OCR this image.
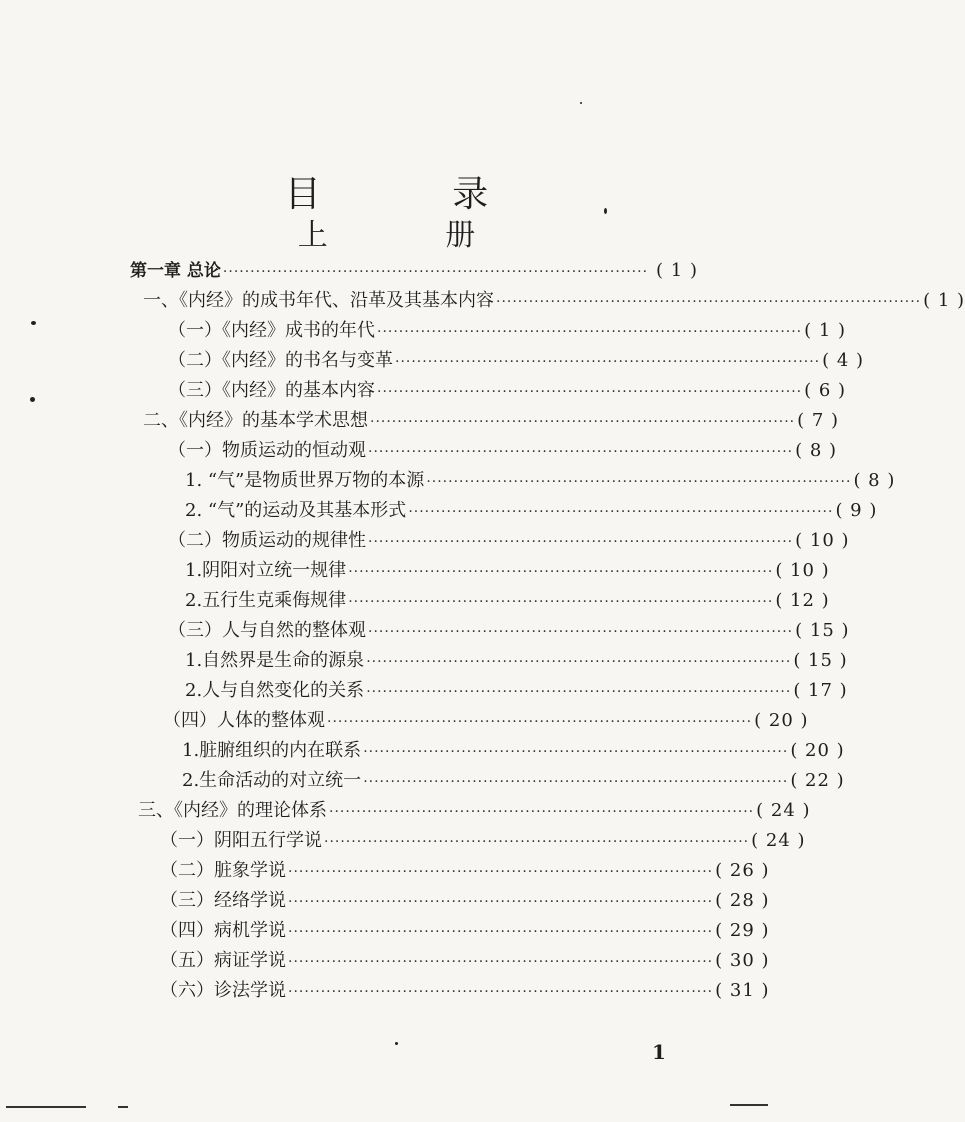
目 录
上 册
第一章 总论 ·············································································· ( 1 )
一、《内经》的成书年代、沿革及其基本内容 ·············································································· ( 1 )
（一）《内经》成书的年代 ·············································································· ( 1 )
（二）《内经》的书名与变革 ·············································································· ( 4 )
（三）《内经》的基本内容 ·············································································· ( 6 )
二、《内经》的基本学术思想 ·············································································· ( 7 )
（一）物质运动的恒动观 ·············································································· ( 8 )
1. “气”是物质世界万物的本源 ·············································································· ( 8 )
2. “气”的运动及其基本形式 ·············································································· ( 9 )
（二）物质运动的规律性 ·············································································· ( 10 )
1.阴阳对立统一规律 ·············································································· ( 10 )
2.五行生克乘侮规律 ·············································································· ( 12 )
（三）人与自然的整体观 ·············································································· ( 15 )
1.自然界是生命的源泉 ·············································································· ( 15 )
2.人与自然变化的关系 ·············································································· ( 17 )
（四）人体的整体观 ·············································································· ( 20 )
1.脏腑组织的内在联系 ·············································································· ( 20 )
2.生命活动的对立统一 ·············································································· ( 22 )
三、《内经》的理论体系 ·············································································· ( 24 )
（一）阴阳五行学说 ·············································································· ( 24 )
（二）脏象学说 ·············································································· ( 26 )
（三）经络学说 ·············································································· ( 28 )
（四）病机学说 ·············································································· ( 29 )
（五）病证学说 ·············································································· ( 30 )
（六）诊法学说 ·············································································· ( 31 )
1
